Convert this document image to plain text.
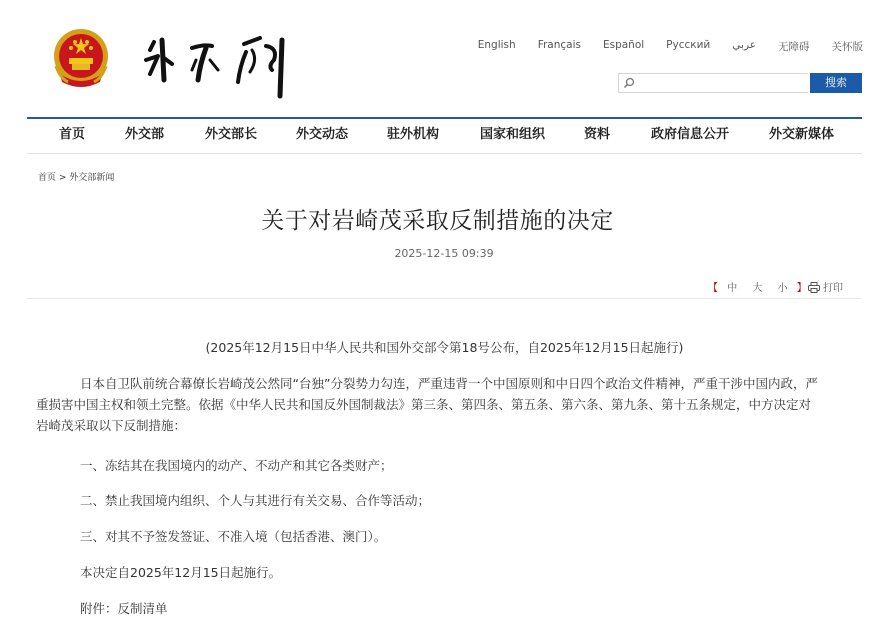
English Français Español Русский عربي 无障碍 关怀版
搜索
首页	外交部	外交部长	外交动态	驻外机构	国家和组织	资料	政府信息公开	外交新媒体
首页 > 外交部新闻
关于对岩崎茂采取反制措施的决定
2025-12-15 09:39
【 中 大 小 】	打印
(2025年12月15日中华人民共和国外交部令第18号公布，自2025年12月15日起施行)
日本自卫队前统合幕僚长岩崎茂公然同“台独”分裂势力勾连，严重违背一个中国原则和中日四个政治文件精神，严重干涉中国内政，严
重损害中国主权和领土完整。依据《中华人民共和国反外国制裁法》第三条、第四条、第五条、第六条、第九条、第十五条规定，中方决定对
岩崎茂采取以下反制措施：
一、冻结其在我国境内的动产、不动产和其它各类财产；
二、禁止我国境内组织、个人与其进行有关交易、合作等活动；
三、对其不予签发签证、不准入境（包括香港、澳门）。
本决定自2025年12月15日起施行。
附件：反制清单
